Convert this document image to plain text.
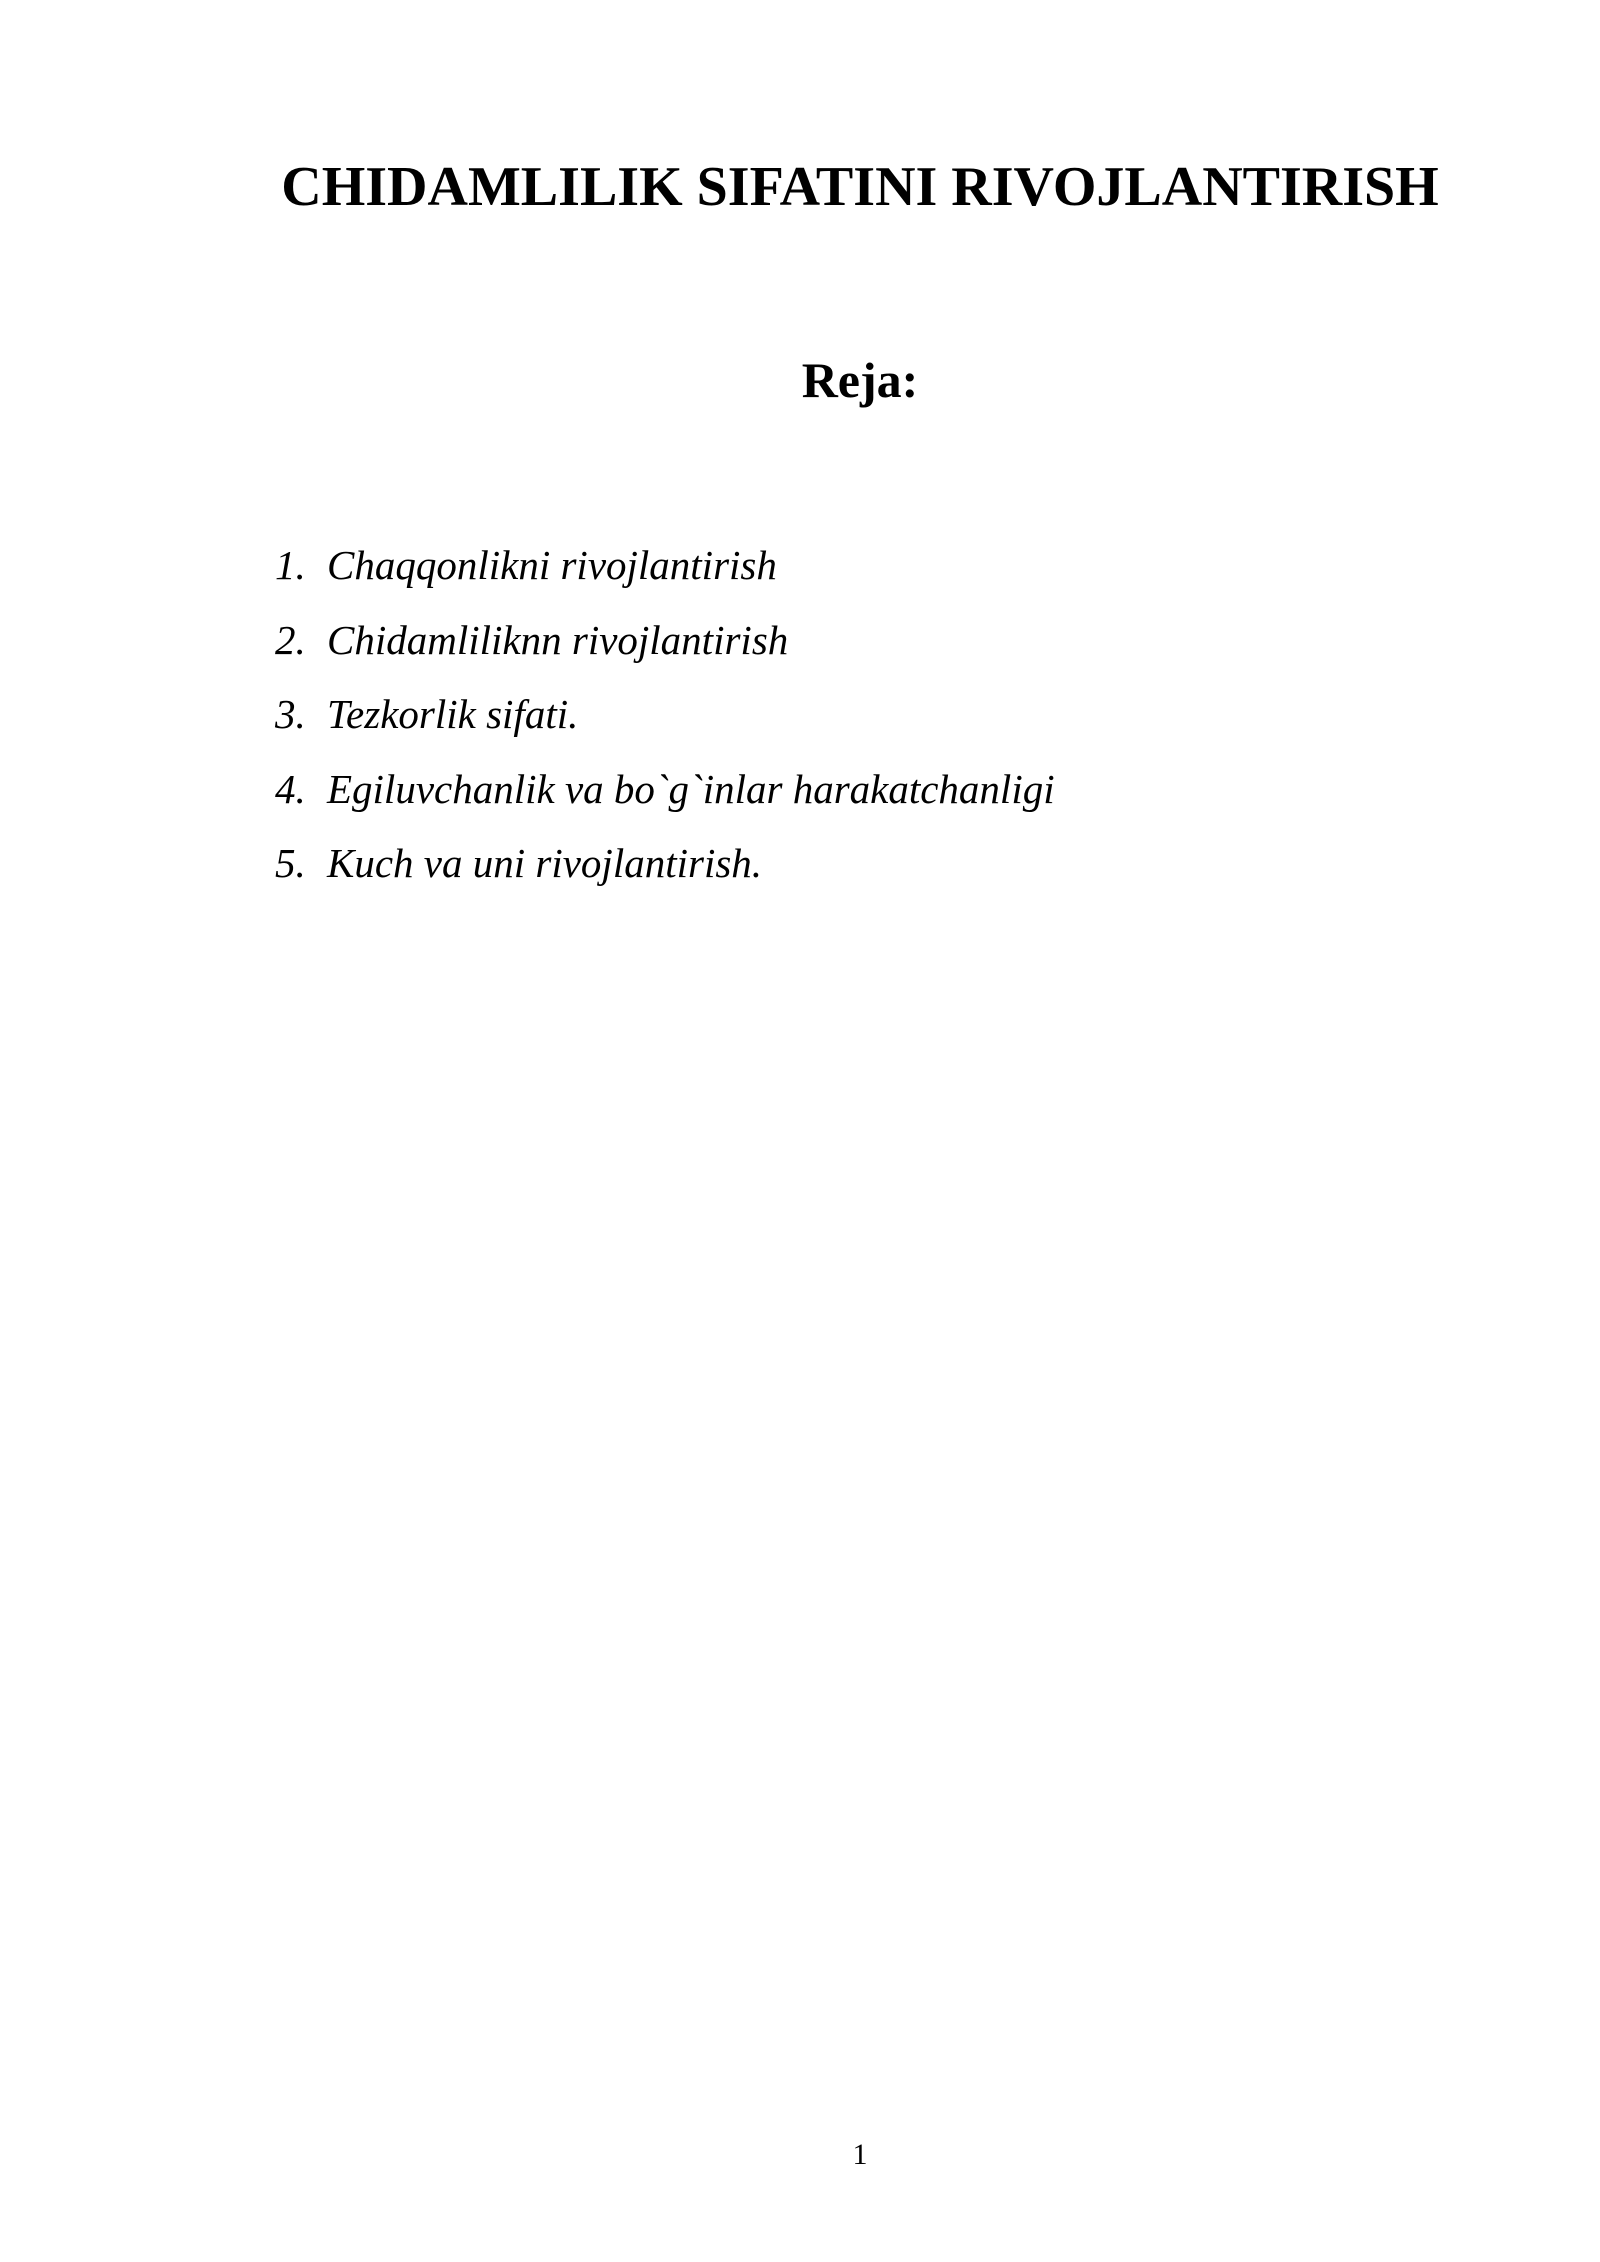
CHIDAMLILIK SIFATINI RIVOJLANTIRISH
Reja:
1. Chaqqonlikni rivojlantirish
2. Chidamliliknn rivojlantirish
3. Tezkorlik sifati.
4. Egiluvchanlik va bo`g`inlar harakatchanligi
5. Kuch va uni rivojlantirish.
1
